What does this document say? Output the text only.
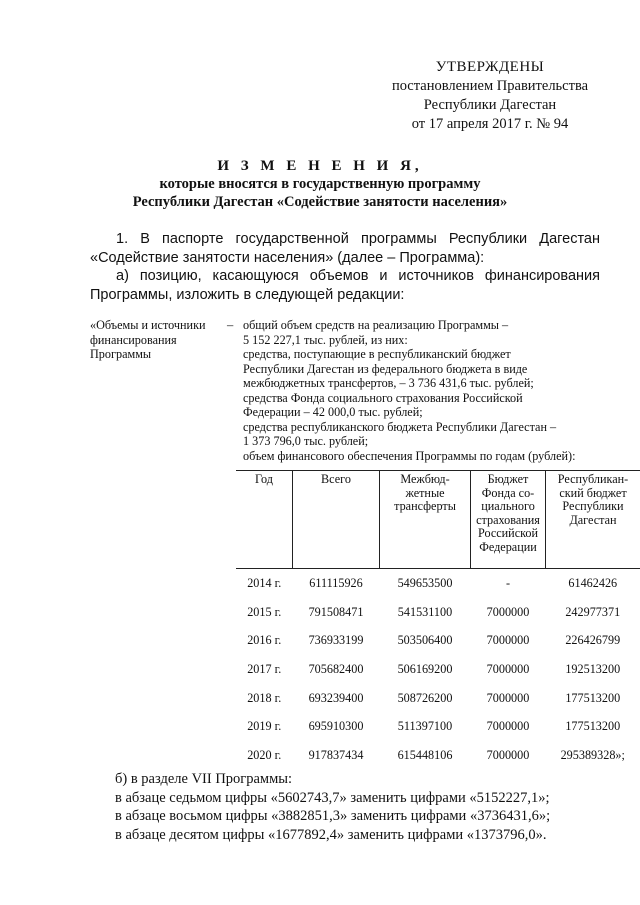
УТВЕРЖДЕНЫ
постановлением Правительства
Республики Дагестан
от 17 апреля 2017 г. № 94
И З М Е Н Е Н И Я,
которые вносятся в государственную программу
Республики Дагестан «Содействие занятости населения»
1. В паспорте государственной программы Республики Дагестан «Содействие занятости населения» (далее – Программа):
а) позицию, касающуюся объемов и источников финансирования Программы, изложить в следующей редакции:
«Объемы и источники финансирования Программы
– общий объем средств на реализацию Программы –
5 152 227,1 тыс. рублей, из них:
средства, поступающие в республиканский бюджет
Республики Дагестан из федерального бюджета в виде
межбюджетных трансфертов, – 3 736 431,6 тыс. рублей;
средства Фонда социального страхования Российской
Федерации – 42 000,0 тыс. рублей;
средства республиканского бюджета Республики Дагестан –
1 373 796,0 тыс. рублей;
объем финансового обеспечения Программы по годам (рублей):
Год	Всего	Межбюд-жетные трансферты	Бюджет Фонда со-циального страхования Российской Федерации	Республикан-ский бюджет Республики Дагестан
2014 г.	611115926	549653500	-	61462426
2015 г.	791508471	541531100	7000000	242977371
2016 г.	736933199	503506400	7000000	226426799
2017 г.	705682400	506169200	7000000	192513200
2018 г.	693239400	508726200	7000000	177513200
2019 г.	695910300	511397100	7000000	177513200
2020 г.	917837434	615448106	7000000	295389328»;
б) в разделе VII Программы:
в абзаце седьмом цифры «5602743,7» заменить цифрами «5152227,1»;
в абзаце восьмом цифры «3882851,3» заменить цифрами «3736431,6»;
в абзаце десятом цифры «1677892,4» заменить цифрами «1373796,0».
